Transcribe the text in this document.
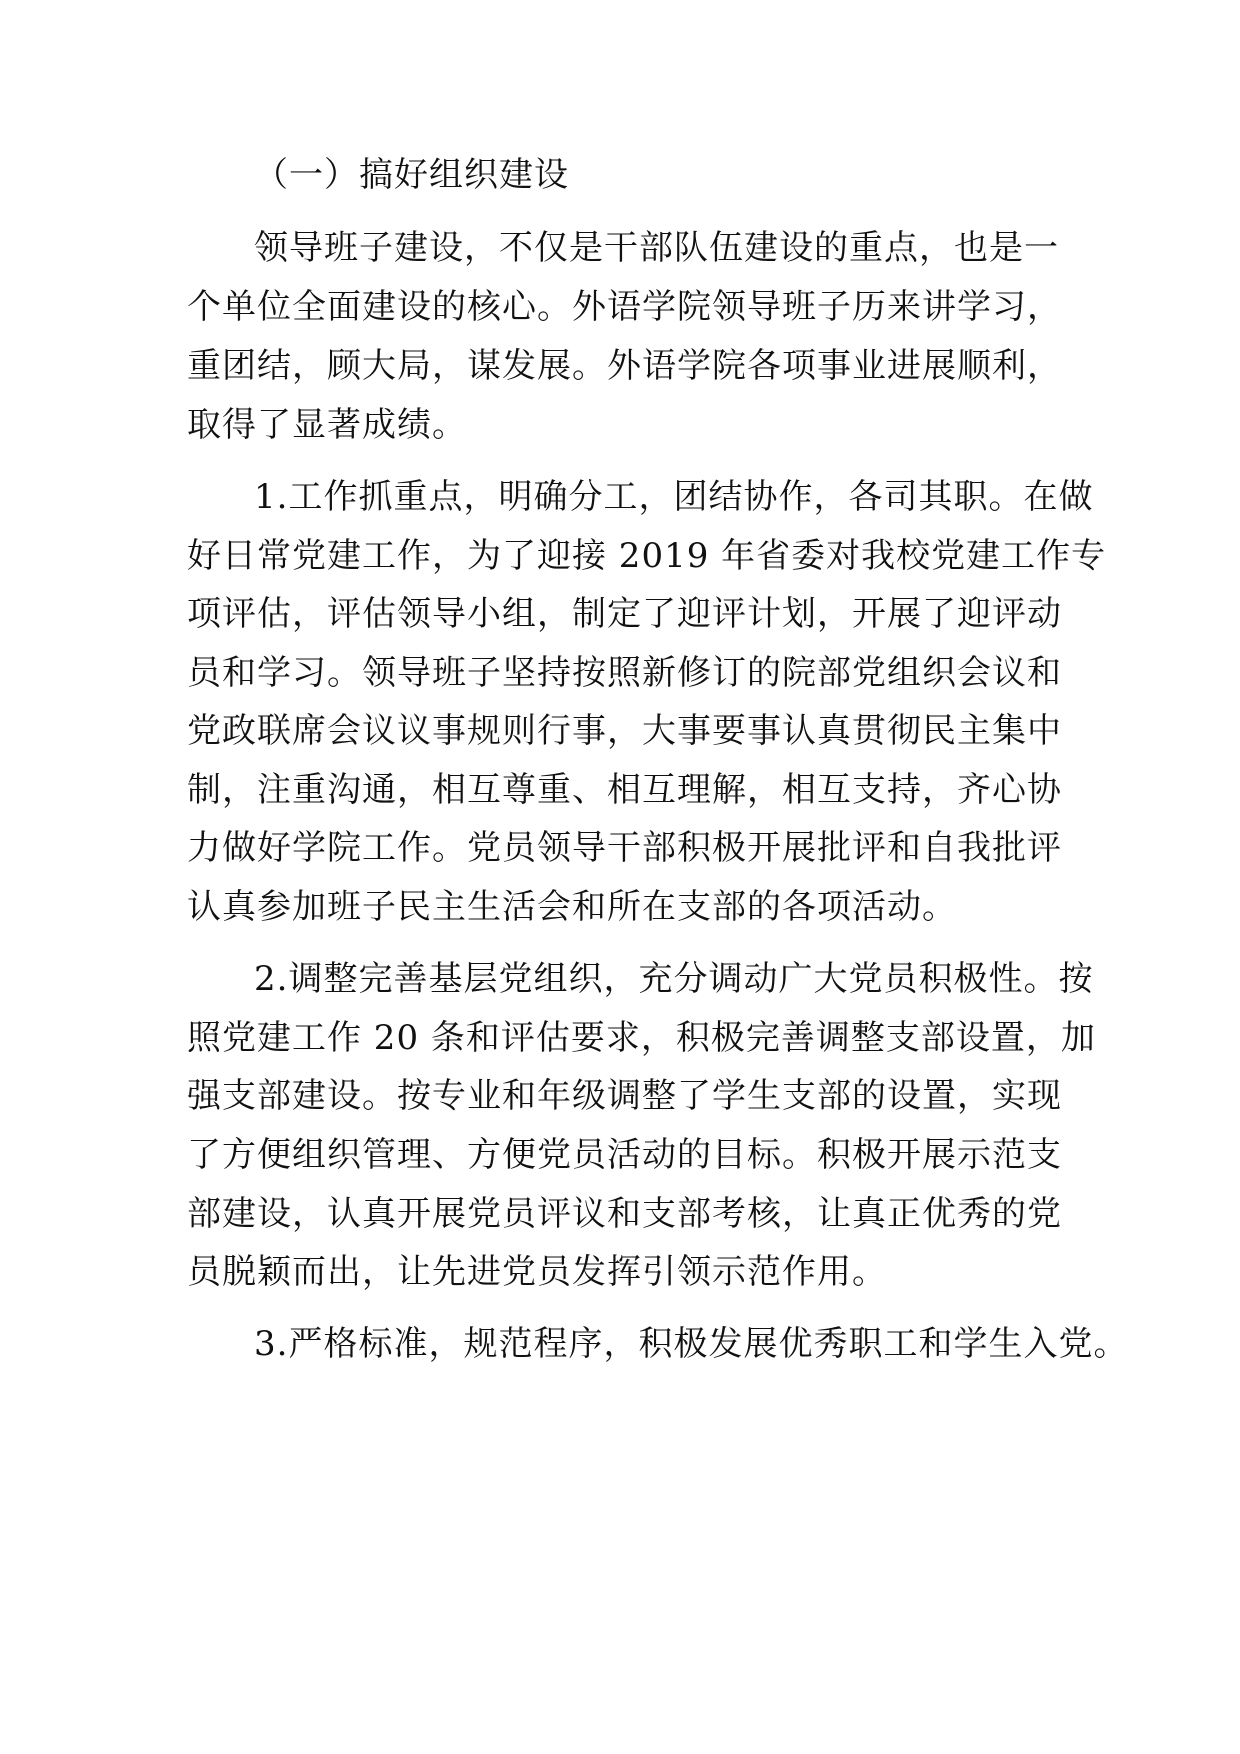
（一）搞好组织建设
领导班子建设，不仅是干部队伍建设的重点，也是一
个单位全面建设的核心。外语学院领导班子历来讲学习，
重团结，顾大局，谋发展。外语学院各项事业进展顺利，
取得了显著成绩。
1.工作抓重点，明确分工，团结协作，各司其职。在做
好日常党建工作，为了迎接 2019 年省委对我校党建工作专
项评估，评估领导小组，制定了迎评计划，开展了迎评动
员和学习。领导班子坚持按照新修订的院部党组织会议和
党政联席会议议事规则行事，大事要事认真贯彻民主集中
制，注重沟通，相互尊重、相互理解，相互支持，齐心协
力做好学院工作。党员领导干部积极开展批评和自我批评
认真参加班子民主生活会和所在支部的各项活动。
2.调整完善基层党组织，充分调动广大党员积极性。按
照党建工作 20 条和评估要求，积极完善调整支部设置，加
强支部建设。按专业和年级调整了学生支部的设置，实现
了方便组织管理、方便党员活动的目标。积极开展示范支
部建设，认真开展党员评议和支部考核，让真正优秀的党
员脱颖而出，让先进党员发挥引领示范作用。
3.严格标准，规范程序，积极发展优秀职工和学生入党。
